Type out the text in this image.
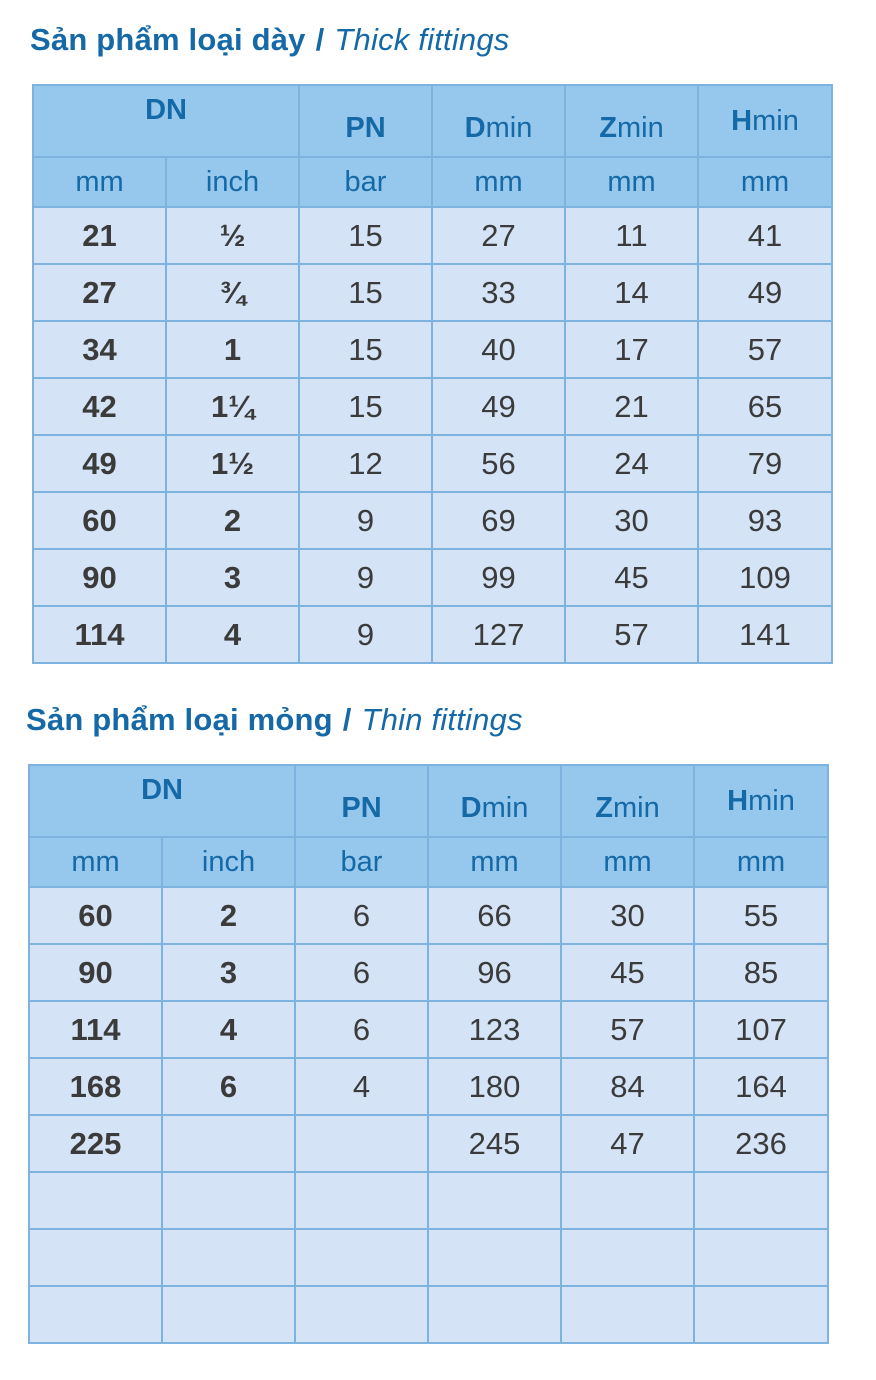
Sản phẩm loại dày / Thick fittings
DN		PN	Dmin	Zmin	Hmin
mm	inch	bar	mm	mm	mm
21	½	15	27	11	41
27	¾	15	33	14	49
34	1	15	40	17	57
42	1¼	15	49	21	65
49	1½	12	56	24	79
60	2	9	69	30	93
90	3	9	99	45	109
114	4	9	127	57	141
Sản phẩm loại mỏng / Thin fittings
DN		PN	Dmin	Zmin	Hmin
mm	inch	bar	mm	mm	mm
60	2	6	66	30	55
90	3	6	96	45	85
114	4	6	123	57	107
168	6	4	180	84	164
225			245	47	236
